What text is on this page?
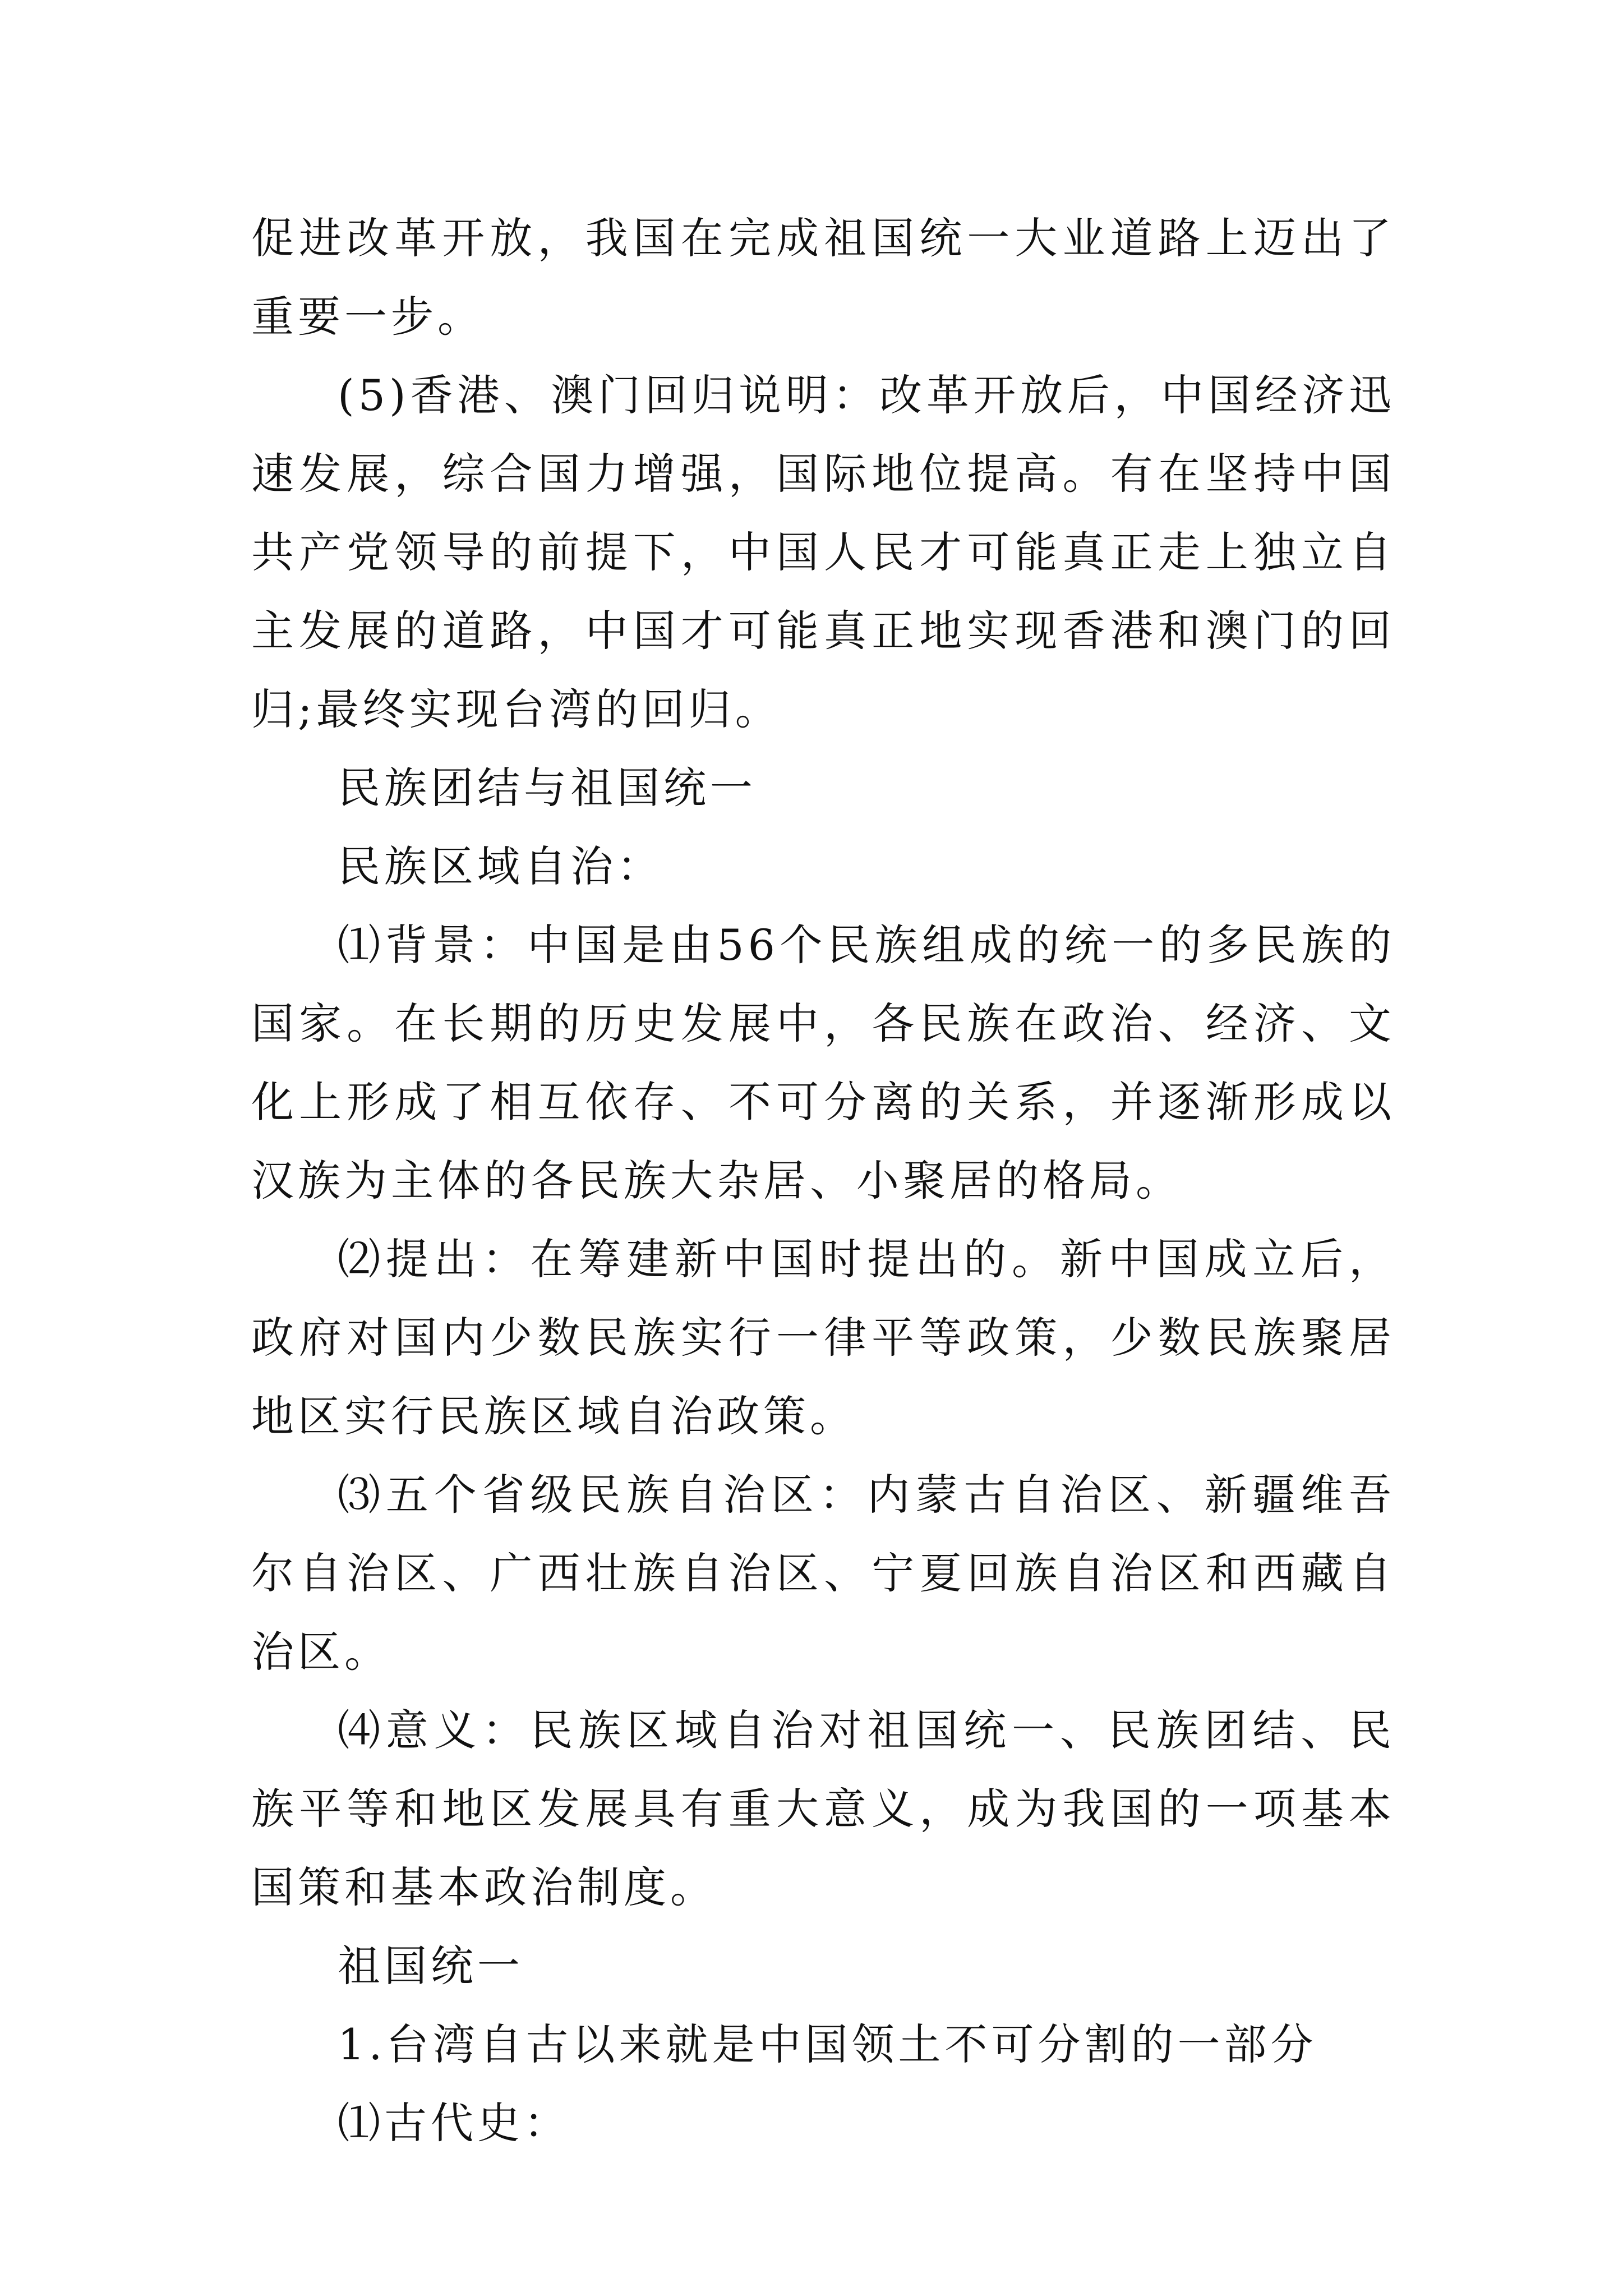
促进改革开放，我国在完成祖国统一大业道路上迈出了重要一步。

(5)香港、澳门回归说明：改革开放后，中国经济迅速发展，综合国力增强，国际地位提高。有在坚持中国共产党领导的前提下，中国人民才可能真正走上独立自主发展的道路，中国才可能真正地实现香港和澳门的回归;最终实现台湾的回归。

民族团结与祖国统一

民族区域自治：

⑴背景：中国是由56个民族组成的统一的多民族的国家。在长期的历史发展中，各民族在政治、经济、文化上形成了相互依存、不可分离的关系，并逐渐形成以汉族为主体的各民族大杂居、小聚居的格局。

⑵提出：在筹建新中国时提出的。新中国成立后，政府对国内少数民族实行一律平等政策，少数民族聚居地区实行民族区域自治政策。

⑶五个省级民族自治区：内蒙古自治区、新疆维吾尔自治区、广西壮族自治区、宁夏回族自治区和西藏自治区。

⑷意义：民族区域自治对祖国统一、民族团结、民族平等和地区发展具有重大意义，成为我国的一项基本国策和基本政治制度。

祖国统一

1.台湾自古以来就是中国领土不可分割的一部分

⑴古代史：
